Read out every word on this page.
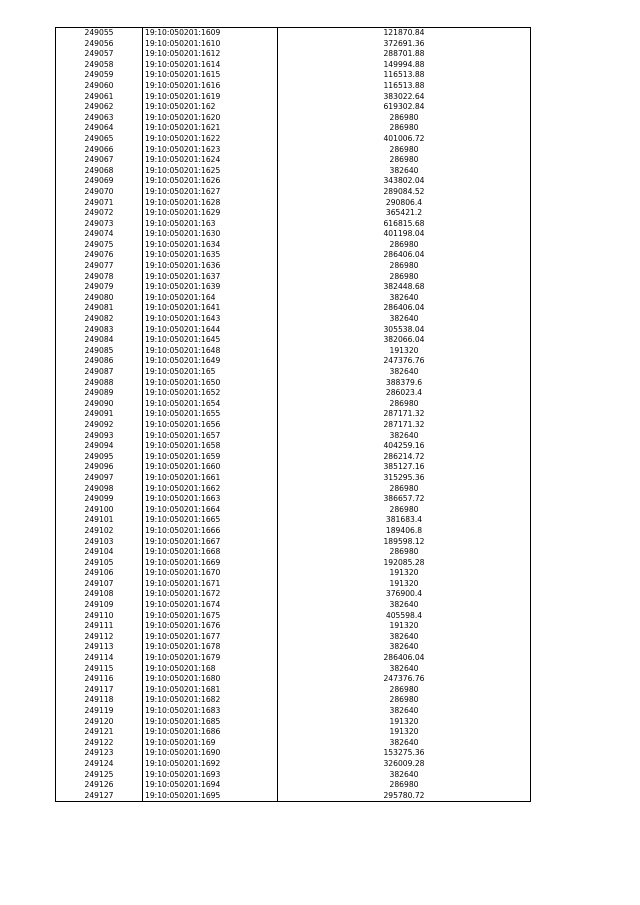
249055	19:10:050201:1609	121870.84
249056	19:10:050201:1610	372691.36
249057	19:10:050201:1612	288701.88
249058	19:10:050201:1614	149994.88
249059	19:10:050201:1615	116513.88
249060	19:10:050201:1616	116513.88
249061	19:10:050201:1619	383022.64
249062	19:10:050201:162	619302.84
249063	19:10:050201:1620	286980
249064	19:10:050201:1621	286980
249065	19:10:050201:1622	401006.72
249066	19:10:050201:1623	286980
249067	19:10:050201:1624	286980
249068	19:10:050201:1625	382640
249069	19:10:050201:1626	343802.04
249070	19:10:050201:1627	289084.52
249071	19:10:050201:1628	290806.4
249072	19:10:050201:1629	365421.2
249073	19:10:050201:163	616815.68
249074	19:10:050201:1630	401198.04
249075	19:10:050201:1634	286980
249076	19:10:050201:1635	286406.04
249077	19:10:050201:1636	286980
249078	19:10:050201:1637	286980
249079	19:10:050201:1639	382448.68
249080	19:10:050201:164	382640
249081	19:10:050201:1641	286406.04
249082	19:10:050201:1643	382640
249083	19:10:050201:1644	305538.04
249084	19:10:050201:1645	382066.04
249085	19:10:050201:1648	191320
249086	19:10:050201:1649	247376.76
249087	19:10:050201:165	382640
249088	19:10:050201:1650	388379.6
249089	19:10:050201:1652	286023.4
249090	19:10:050201:1654	286980
249091	19:10:050201:1655	287171.32
249092	19:10:050201:1656	287171.32
249093	19:10:050201:1657	382640
249094	19:10:050201:1658	404259.16
249095	19:10:050201:1659	286214.72
249096	19:10:050201:1660	385127.16
249097	19:10:050201:1661	315295.36
249098	19:10:050201:1662	286980
249099	19:10:050201:1663	386657.72
249100	19:10:050201:1664	286980
249101	19:10:050201:1665	381683.4
249102	19:10:050201:1666	189406.8
249103	19:10:050201:1667	189598.12
249104	19:10:050201:1668	286980
249105	19:10:050201:1669	192085.28
249106	19:10:050201:1670	191320
249107	19:10:050201:1671	191320
249108	19:10:050201:1672	376900.4
249109	19:10:050201:1674	382640
249110	19:10:050201:1675	405598.4
249111	19:10:050201:1676	191320
249112	19:10:050201:1677	382640
249113	19:10:050201:1678	382640
249114	19:10:050201:1679	286406.04
249115	19:10:050201:168	382640
249116	19:10:050201:1680	247376.76
249117	19:10:050201:1681	286980
249118	19:10:050201:1682	286980
249119	19:10:050201:1683	382640
249120	19:10:050201:1685	191320
249121	19:10:050201:1686	191320
249122	19:10:050201:169	382640
249123	19:10:050201:1690	153275.36
249124	19:10:050201:1692	326009.28
249125	19:10:050201:1693	382640
249126	19:10:050201:1694	286980
249127	19:10:050201:1695	295780.72
